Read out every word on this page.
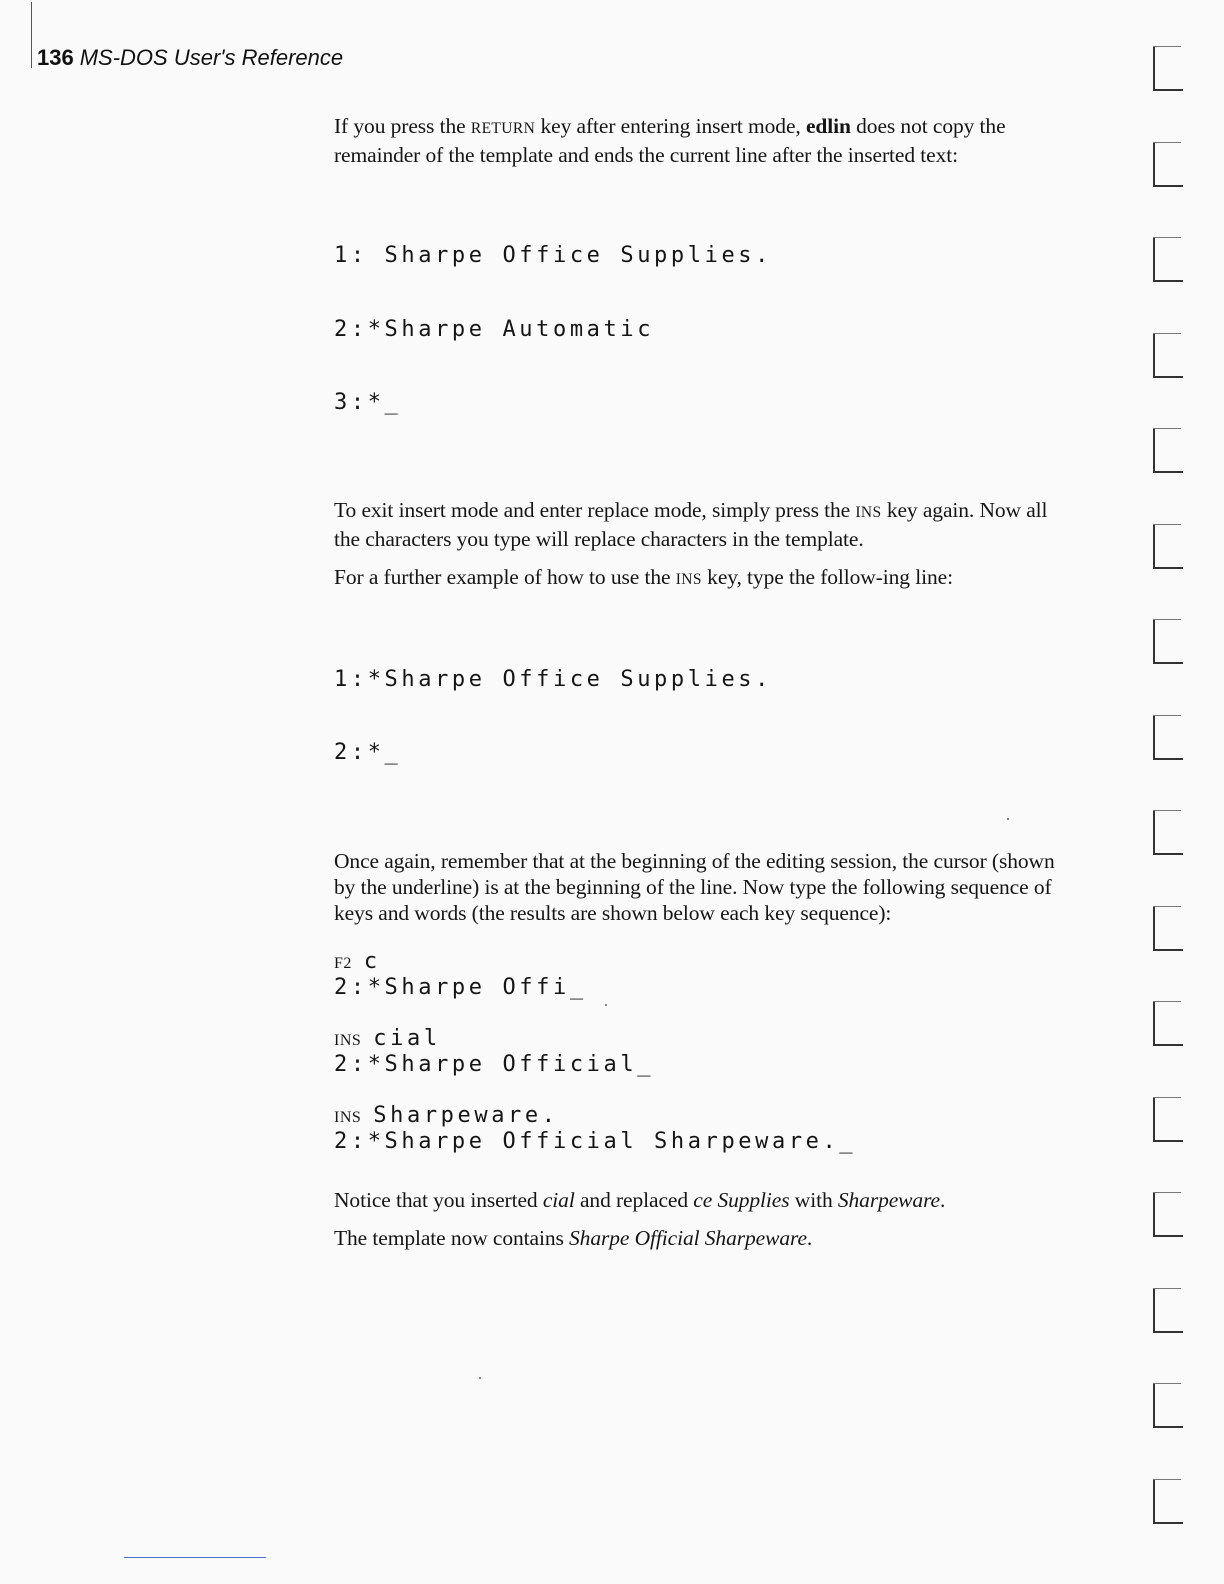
136 MS-DOS User's Reference

If you press the RETURN key after entering insert mode, edlin does not copy the remainder of the template and ends the current line after the inserted text:

1: Sharpe Office Supplies.

2:*Sharpe Automatic

3:*_

To exit insert mode and enter replace mode, simply press the INS key again. Now all the characters you type will replace characters in the template.

For a further example of how to use the INS key, type the follow-ing line:

1:*Sharpe Office Supplies.

2:*_

Once again, remember that at the beginning of the editing session, the cursor (shown by the underline) is at the beginning of the line. Now type the following sequence of keys and words (the results are shown below each key sequence):

F2 c
2:*Sharpe Offi_
INS cial
2:*Sharpe Official_
INS Sharpeware.
2:*Sharpe Official Sharpeware._

Notice that you inserted cial and replaced ce Supplies with Sharpeware.

The template now contains Sharpe Official Sharpeware.
